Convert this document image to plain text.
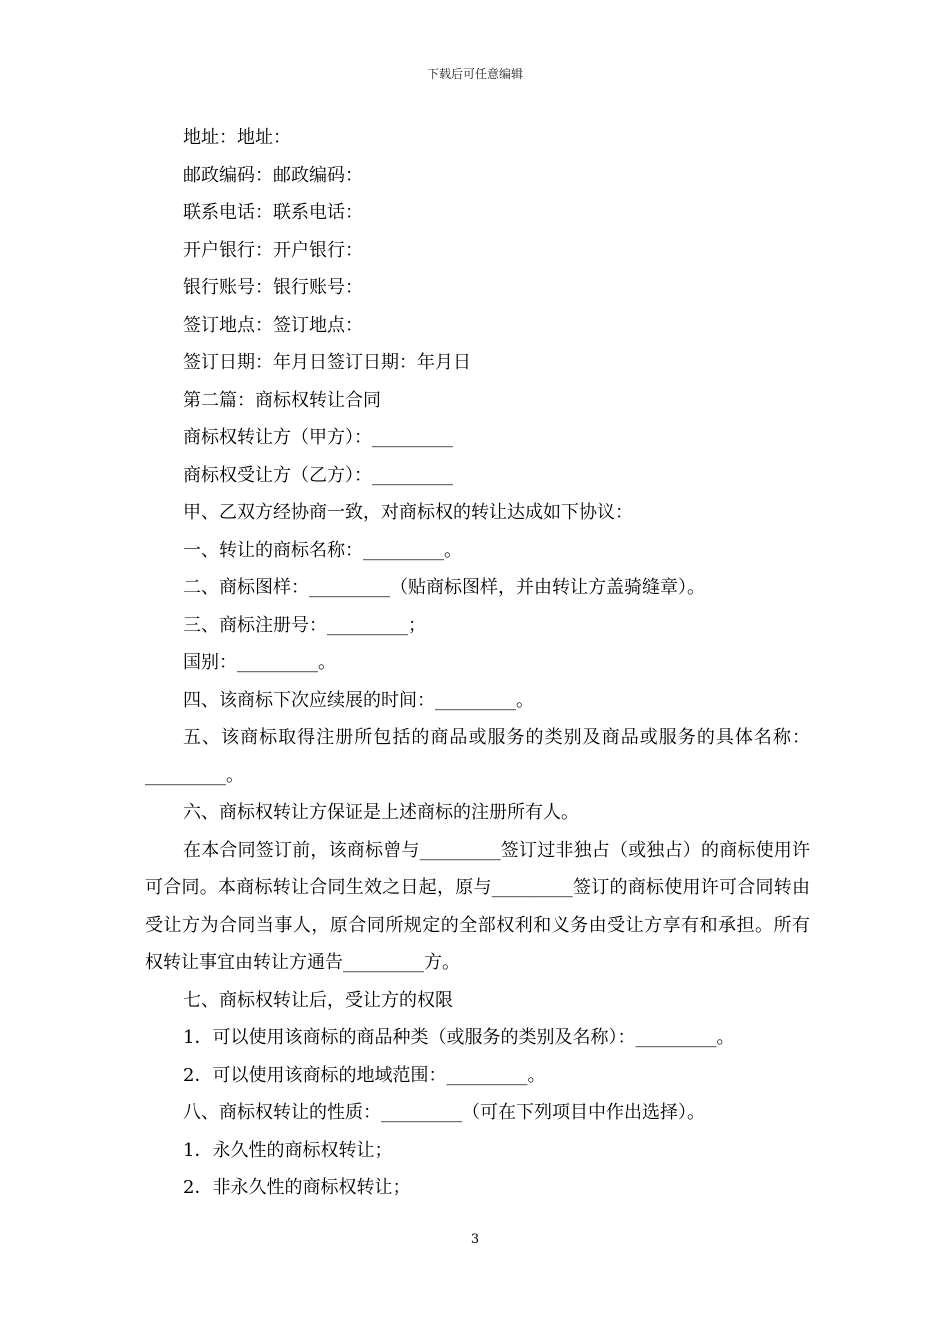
下载后可任意编辑

地址：地址：

邮政编码：邮政编码：

联系电话：联系电话：

开户银行：开户银行：

银行账号：银行账号：

签订地点：签订地点：

签订日期：年月日签订日期：年月日

第二篇：商标权转让合同

商标权转让方（甲方）：_________

商标权受让方（乙方）：_________

甲、乙双方经协商一致，对商标权的转让达成如下协议：

一、转让的商标名称：_________。

二、商标图样：_________（贴商标图样，并由转让方盖骑缝章）。

三、商标注册号：_________；

国别：_________。

四、该商标下次应续展的时间：_________。

五、该商标取得注册所包括的商品或服务的类别及商品或服务的具体名称：_________。

六、商标权转让方保证是上述商标的注册所有人。

在本合同签订前，该商标曾与_________签订过非独占（或独占）的商标使用许可合同。本商标转让合同生效之日起，原与_________签订的商标使用许可合同转由受让方为合同当事人，原合同所规定的全部权利和义务由受让方享有和承担。所有权转让事宜由转让方通告_________方。

七、商标权转让后，受让方的权限

1．可以使用该商标的商品种类（或服务的类别及名称）：_________。

2．可以使用该商标的地域范围：_________。

八、商标权转让的性质：_________（可在下列项目中作出选择）。

1．永久性的商标权转让；

2．非永久性的商标权转让；

3
